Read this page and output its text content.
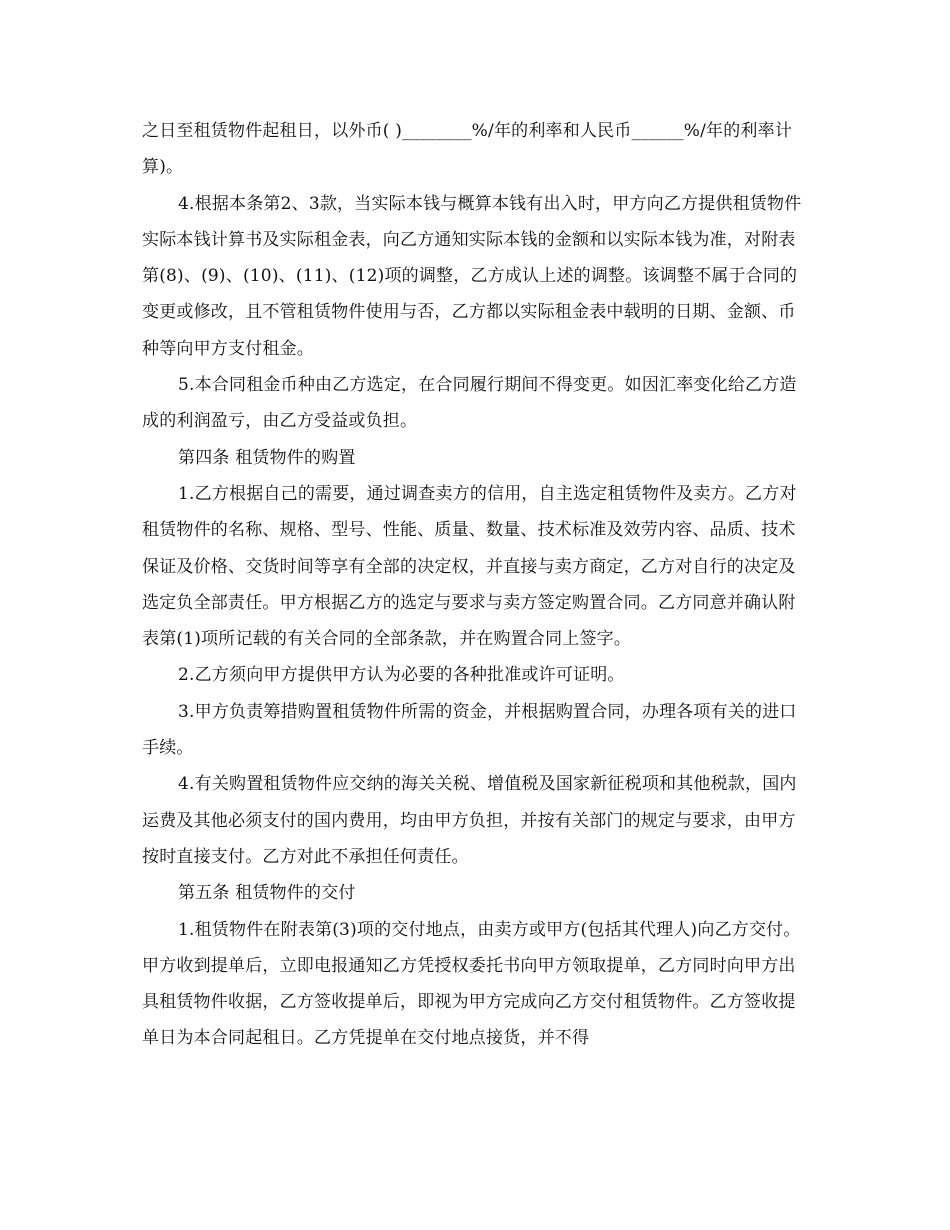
之日至租赁物件起租日，以外币( )________%/年的利率和人民币______%/年的利率计算)。

4.根据本条第2、3款，当实际本钱与概算本钱有出入时，甲方向乙方提供租赁物件实际本钱计算书及实际租金表，向乙方通知实际本钱的金额和以实际本钱为准，对附表第(8)、(9)、(10)、(11)、(12)项的调整，乙方成认上述的调整。该调整不属于合同的变更或修改，且不管租赁物件使用与否，乙方都以实际租金表中载明的日期、金额、币种等向甲方支付租金。

5.本合同租金币种由乙方选定，在合同履行期间不得变更。如因汇率变化给乙方造成的利润盈亏，由乙方受益或负担。

第四条 租赁物件的购置

1.乙方根据自己的需要，通过调查卖方的信用，自主选定租赁物件及卖方。乙方对租赁物件的名称、规格、型号、性能、质量、数量、技术标准及效劳内容、品质、技术保证及价格、交货时间等享有全部的决定权，并直接与卖方商定，乙方对自行的决定及选定负全部责任。甲方根据乙方的选定与要求与卖方签定购置合同。乙方同意并确认附表第(1)项所记载的有关合同的全部条款，并在购置合同上签字。

2.乙方须向甲方提供甲方认为必要的各种批准或许可证明。

3.甲方负责筹措购置租赁物件所需的资金，并根据购置合同，办理各项有关的进口手续。

4.有关购置租赁物件应交纳的海关关税、增值税及国家新征税项和其他税款，国内运费及其他必须支付的国内费用，均由甲方负担，并按有关部门的规定与要求，由甲方按时直接支付。乙方对此不承担任何责任。

第五条 租赁物件的交付

1.租赁物件在附表第(3)项的交付地点，由卖方或甲方(包括其代理人)向乙方交付。甲方收到提单后，立即电报通知乙方凭授权委托书向甲方领取提单，乙方同时向甲方出具租赁物件收据，乙方签收提单后，即视为甲方完成向乙方交付租赁物件。乙方签收提单日为本合同起租日。乙方凭提单在交付地点接货，并不得
